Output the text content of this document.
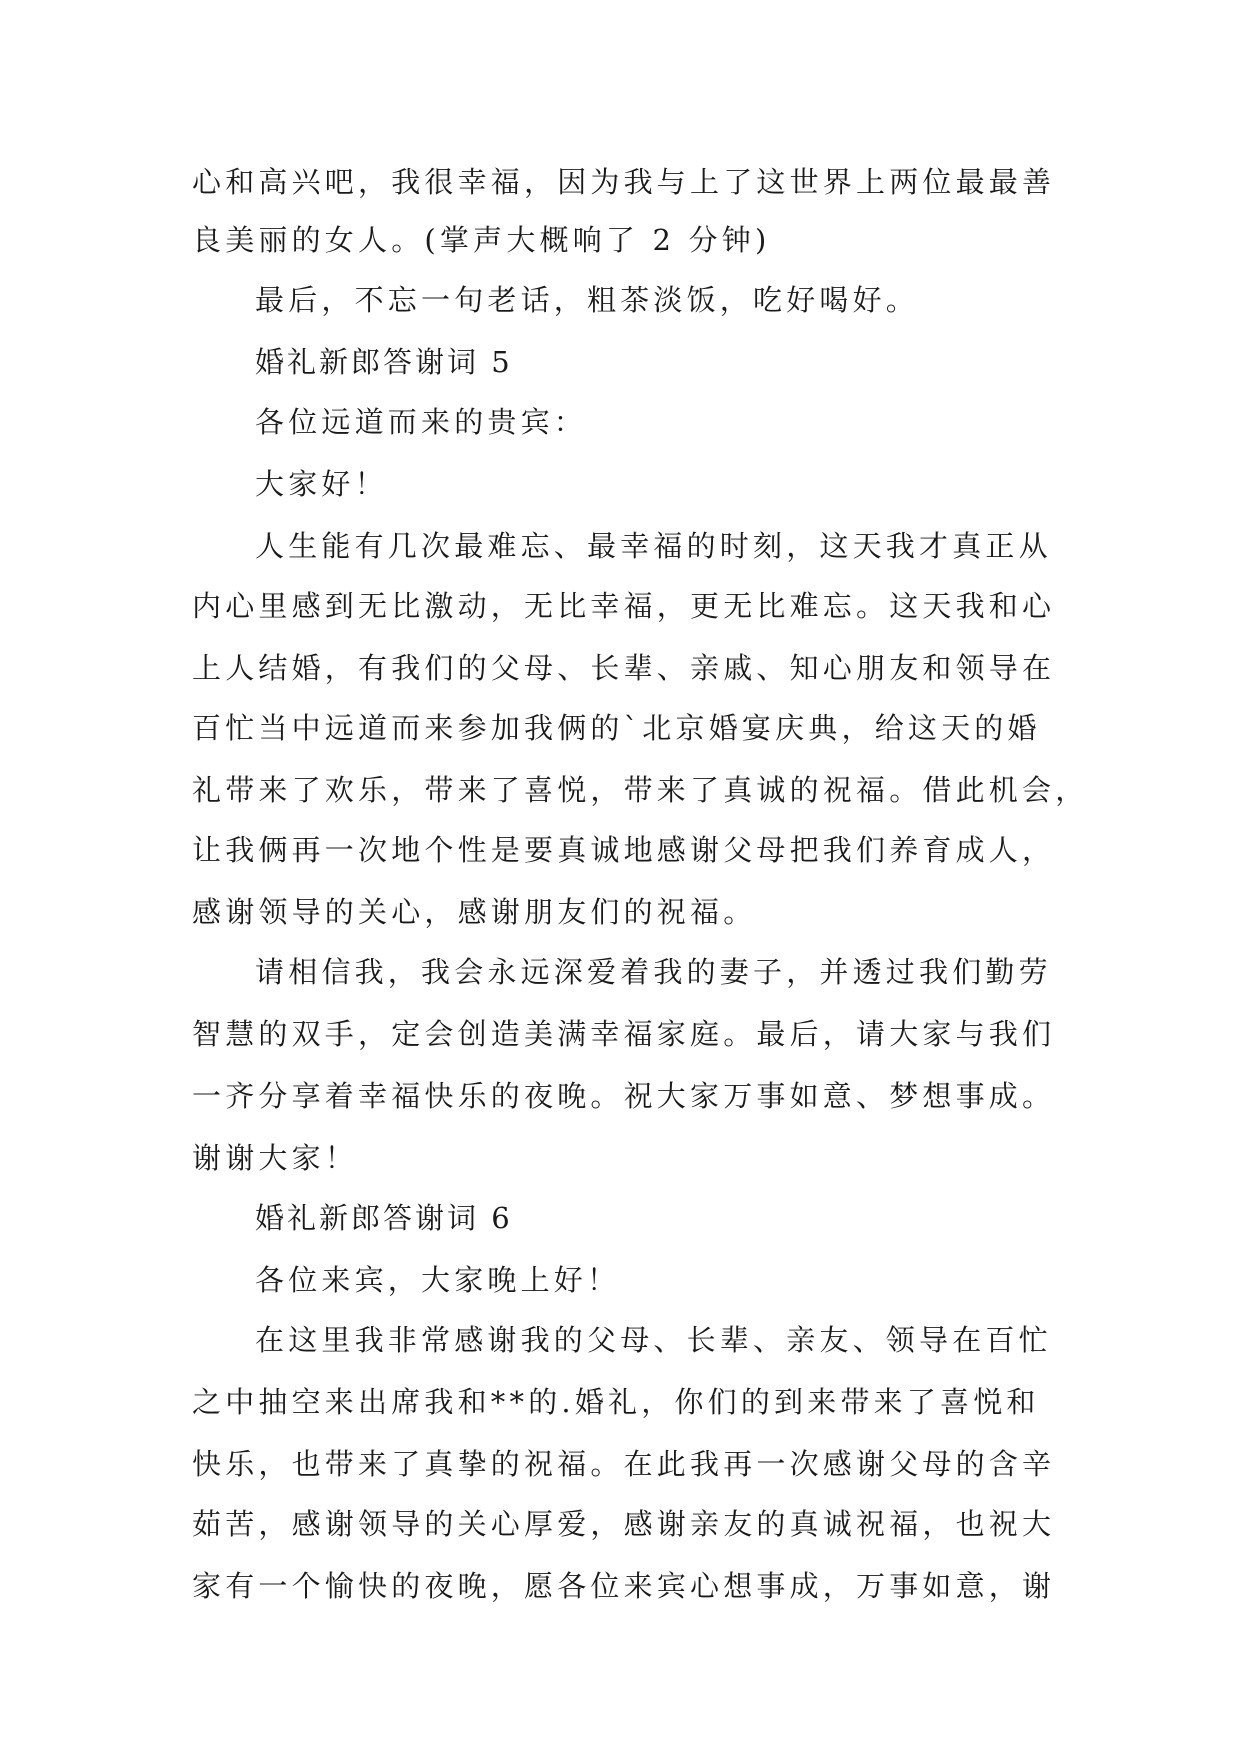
心和高兴吧，我很幸福，因为我与上了这世界上两位最最善
良美丽的女人。(掌声大概响了 2 分钟)
最后，不忘一句老话，粗茶淡饭，吃好喝好。
婚礼新郎答谢词 5
各位远道而来的贵宾：
大家好！
人生能有几次最难忘、最幸福的时刻，这天我才真正从
内心里感到无比激动，无比幸福，更无比难忘。这天我和心
上人结婚，有我们的父母、长辈、亲戚、知心朋友和领导在
百忙当中远道而来参加我俩的`北京婚宴庆典，给这天的婚
礼带来了欢乐，带来了喜悦，带来了真诚的祝福。借此机会，
让我俩再一次地个性是要真诚地感谢父母把我们养育成人，
感谢领导的关心，感谢朋友们的祝福。
请相信我，我会永远深爱着我的妻子，并透过我们勤劳
智慧的双手，定会创造美满幸福家庭。最后，请大家与我们
一齐分享着幸福快乐的夜晚。祝大家万事如意、梦想事成。
谢谢大家！
婚礼新郎答谢词 6
各位来宾，大家晚上好！
在这里我非常感谢我的父母、长辈、亲友、领导在百忙
之中抽空来出席我和**的.婚礼，你们的到来带来了喜悦和
快乐，也带来了真挚的祝福。在此我再一次感谢父母的含辛
茹苦，感谢领导的关心厚爱，感谢亲友的真诚祝福，也祝大
家有一个愉快的夜晚，愿各位来宾心想事成，万事如意，谢
